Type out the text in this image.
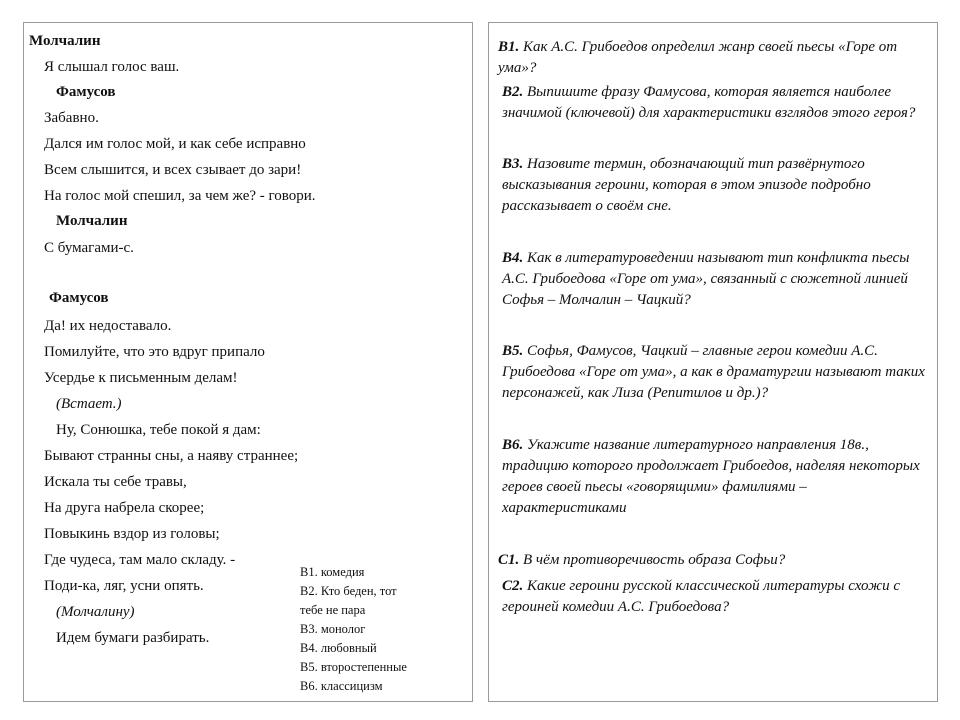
Молчалин
Я слышал голос ваш.
Фамусов
Забавно.
Дался им голос мой, и как себе исправно
Всем слышится, и всех сзывает до зари!
На голос мой спешил, за чем же? - говори.
Молчалин
С бумагами-с.
Фамусов
Да! их недоставало.
Помилуйте, что это вдруг припало
Усердье к письменным делам!
(Встает.)
Ну, Сонюшка, тебе покой я дам:
Бывают странны сны, а наяву страннее;
Искала ты себе травы,
На друга набрела скорее;
Повыкинь вздор из головы;
Где чудеса, там мало складу. -
Поди-ка, ляг, усни опять.
(Молчалину)
Идем бумаги разбирать.
В1. комедия
В2. Кто беден, тот
тебе не пара
В3. монолог
В4. любовный
В5. второстепенные
В6. классицизм
В1. Как А.С. Грибоедов определил жанр своей пьесы «Горе от ума»?
В2. Выпишите фразу Фамусова, которая является наиболее значимой (ключевой) для характеристики взглядов этого героя?
В3. Назовите термин, обозначающий тип развёрнутого высказывания героини, которая в этом эпизоде подробно рассказывает о своём сне.
В4. Как в литературоведении называют тип конфликта пьесы А.С. Грибоедова «Горе от ума», связанный с сюжетной линией Софья – Молчалин – Чацкий?
В5. Софья, Фамусов, Чацкий – главные герои комедии А.С. Грибоедова «Горе от ума», а как в драматургии называют таких персонажей, как Лиза (Репитилов и др.)?
В6. Укажите название литературного направления 18в., традицию которого продолжает Грибоедов, наделяя некоторых героев своей пьесы «говорящими» фамилиями – характеристиками
С1. В чём противоречивость образа Софьи?
С2. Какие героини русской классической литературы схожи с героиней комедии А.С. Грибоедова?
